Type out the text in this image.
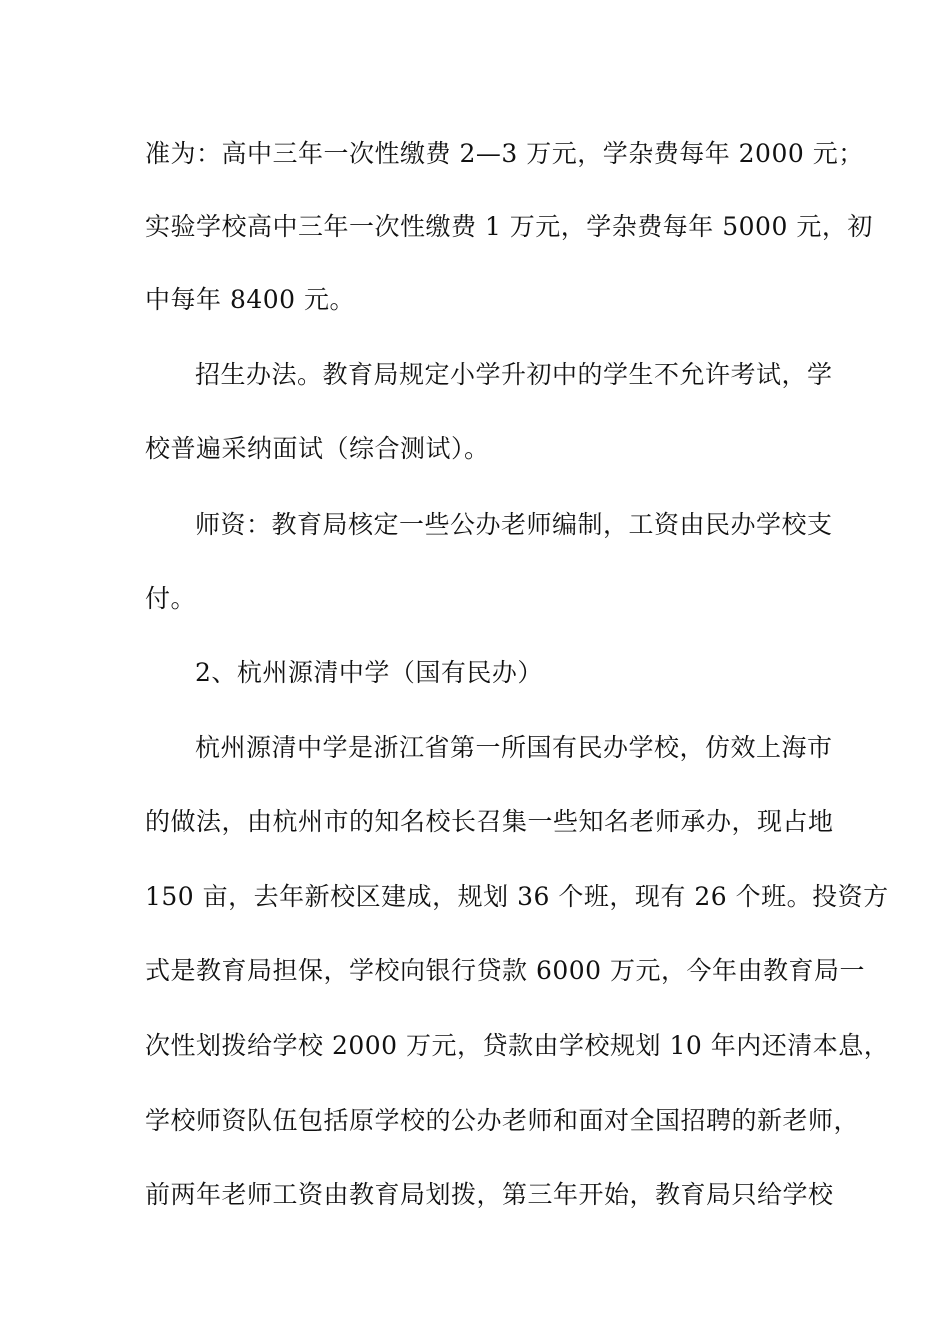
准为：高中三年一次性缴费 2—3 万元，学杂费每年 2000 元；
实验学校高中三年一次性缴费 1 万元，学杂费每年 5000 元，初
中每年 8400 元。
招生办法。教育局规定小学升初中的学生不允许考试，学
校普遍采纳面试（综合测试）。
师资：教育局核定一些公办老师编制，工资由民办学校支
付。
2、杭州源清中学（国有民办）
杭州源清中学是浙江省第一所国有民办学校，仿效上海市
的做法，由杭州市的知名校长召集一些知名老师承办，现占地
150 亩，去年新校区建成，规划 36 个班，现有 26 个班。投资方
式是教育局担保，学校向银行贷款 6000 万元，今年由教育局一
次性划拨给学校 2000 万元，贷款由学校规划 10 年内还清本息，
学校师资队伍包括原学校的公办老师和面对全国招聘的新老师，
前两年老师工资由教育局划拨，第三年开始，教育局只给学校
